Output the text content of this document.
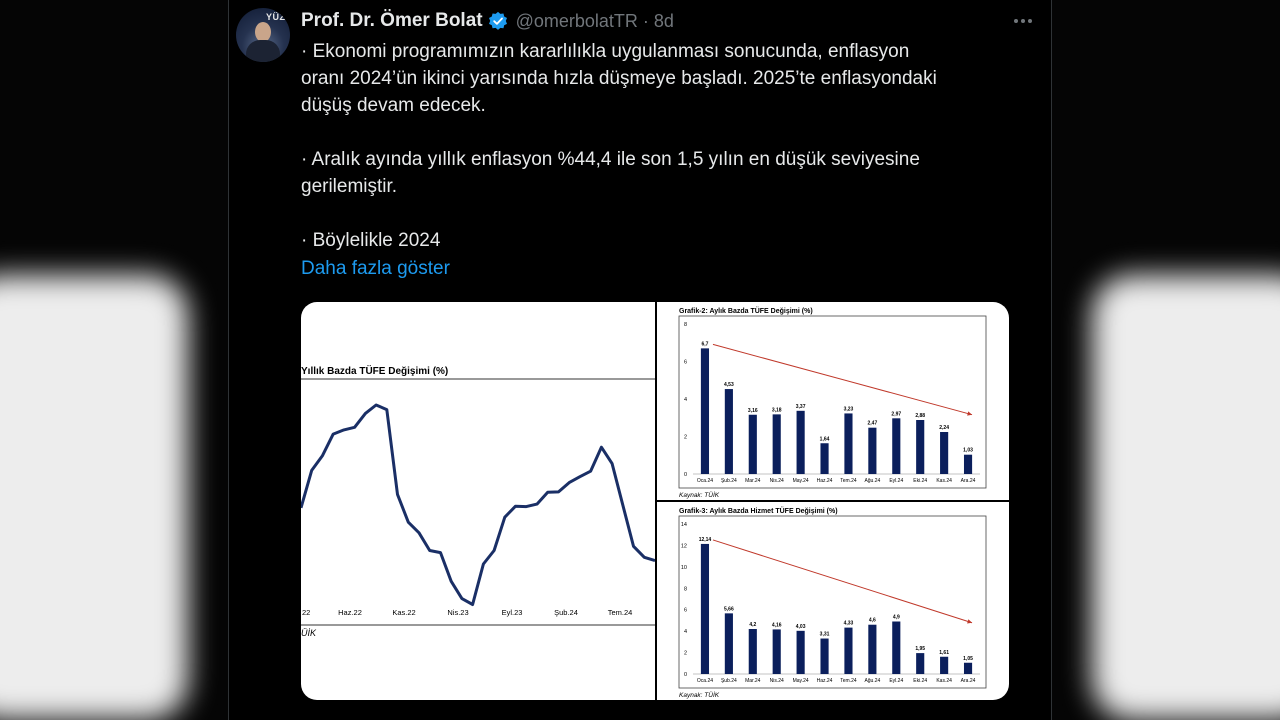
YÜZ Prof. Dr. Ömer Bolat @omerbolatTR · 8d

· Ekonomi programımızın kararlılıkla uygulanması sonucunda, enflasyon
oranı 2024’ün ikinci yarısında hızla düşmeye başladı. 2025’te enflasyondaki
düşüş devam edecek.

· Aralık ayında yıllık enflasyon %44,4 ile son 1,5 yılın en düşük seviyesine
gerilemiştir.

· Böylelikle 2024

Daha fazla göster
Yıllık Bazda TÜFE Değişimi (%)
22	Haz.22	Kas.22	Nis.23	Eyl.23	Şub.24	Tem.24
ÜİK
Grafik-2: Aylık Bazda TÜFE Değişimi (%)
0
2
4
6
8
6,7
Oca.24
4,53
Şub.24
3,16
Mar.24
3,18
Nis.24
3,37
May.24
1,64
Haz.24
3,23
Tem.24
2,47
Ağu.24
2,97
Eyl.24
2,88
Eki.24
2,24
Kas.24
1,03
Ara.24
Kaynak: TÜİK
Grafik-3: Aylık Bazda Hizmet TÜFE Değişimi (%)
0
2
4
6
8
10
12
14
12,14
Oca.24
5,66
Şub.24
4,2
Mar.24
4,16
Nis.24
4,03
May.24
3,31
Haz.24
4,33
Tem.24
4,6
Ağu.24
4,9
Eyl.24
1,95
Eki.24
1,61
Kas.24
1,05
Ara.24
Kaynak: TÜİK
